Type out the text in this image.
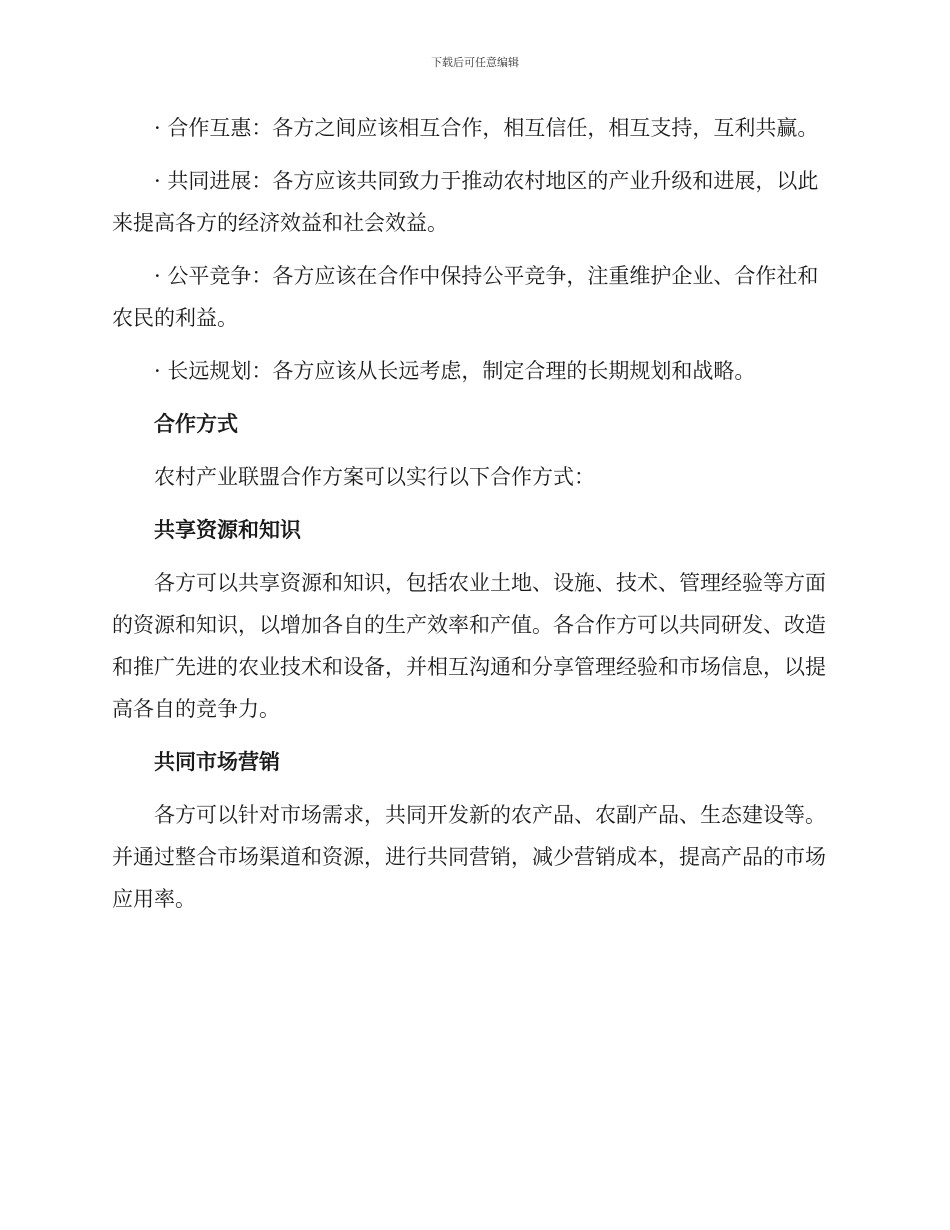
下载后可任意编辑

· 合作互惠：各方之间应该相互合作，相互信任，相互支持，互利共赢。

· 共同进展：各方应该共同致力于推动农村地区的产业升级和进展，以此来提高各方的经济效益和社会效益。

· 公平竞争：各方应该在合作中保持公平竞争，注重维护企业、合作社和农民的利益。

· 长远规划：各方应该从长远考虑，制定合理的长期规划和战略。

合作方式

农村产业联盟合作方案可以实行以下合作方式：

共享资源和知识

各方可以共享资源和知识，包括农业土地、设施、技术、管理经验等方面的资源和知识，以增加各自的生产效率和产值。各合作方可以共同研发、改造和推广先进的农业技术和设备，并相互沟通和分享管理经验和市场信息，以提高各自的竞争力。

共同市场营销

各方可以针对市场需求，共同开发新的农产品、农副产品、生态建设等。并通过整合市场渠道和资源，进行共同营销，减少营销成本，提高产品的市场应用率。
